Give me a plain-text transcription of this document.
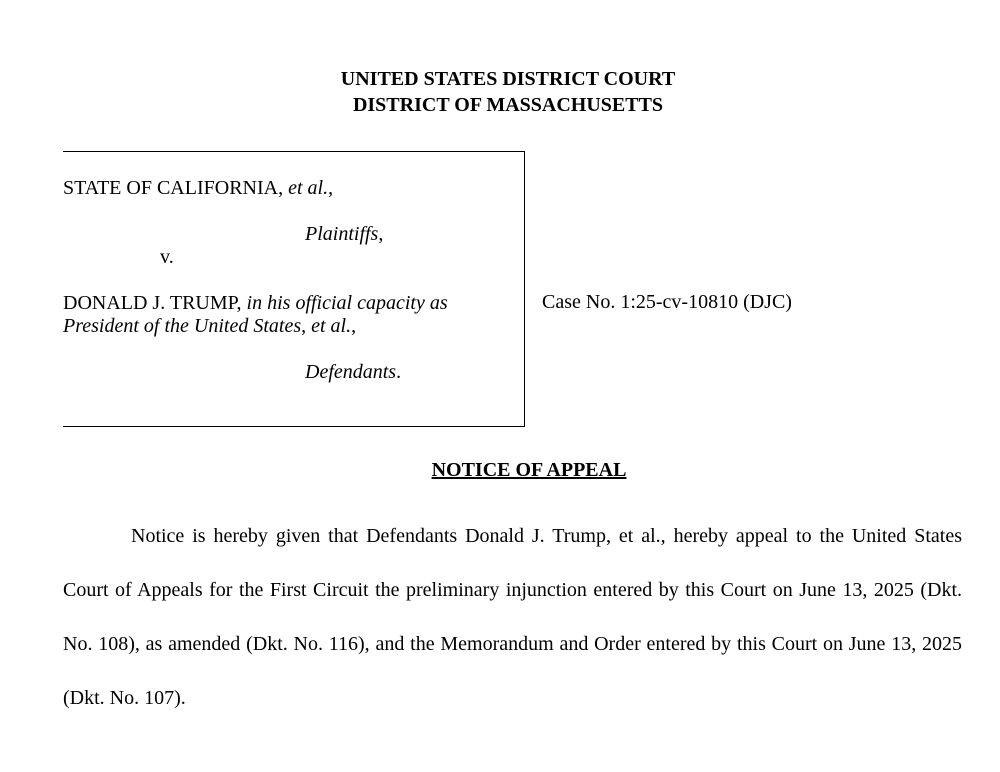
UNITED STATES DISTRICT COURT
DISTRICT OF MASSACHUSETTS
STATE OF CALIFORNIA, et al.,
Plaintiffs,
v.
DONALD J. TRUMP, in his official capacity as
President of the United States, et al.,
Defendants.
Case No. 1:25-cv-10810 (DJC)
NOTICE OF APPEAL

Notice is hereby given that Defendants Donald J. Trump, et al., hereby appeal to the United States Court of Appeals for the First Circuit the preliminary injunction entered by this Court on June 13, 2025 (Dkt. No. 108), as amended (Dkt. No. 116), and the Memorandum and Order entered by this Court on June 13, 2025 (Dkt. No. 107).
